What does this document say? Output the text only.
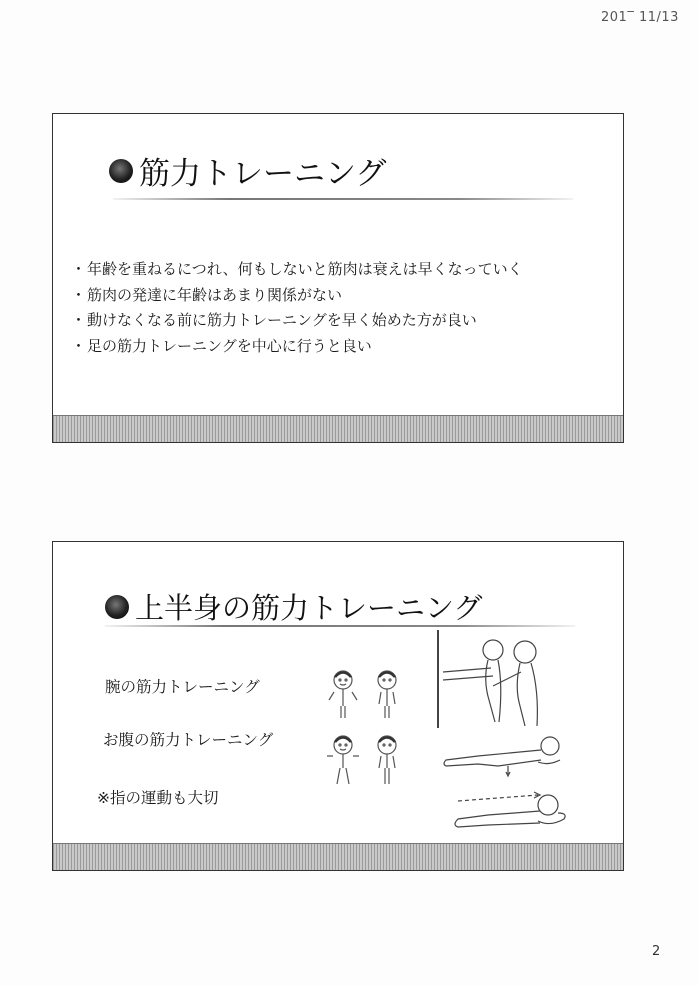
201‾ 11/13
筋力トレーニング
・ 年齢を重ねるにつれ、何もしないと筋肉は衰えは早くなっていく
・ 筋肉の発達に年齢はあまり関係がない
・ 動けなくなる前に筋力トレーニングを早く始めた方が良い
・ 足の筋力トレーニングを中心に行うと良い
上半身の筋力トレーニング
腕の筋力トレーニング
お腹の筋力トレーニング
※指の運動も大切
2
